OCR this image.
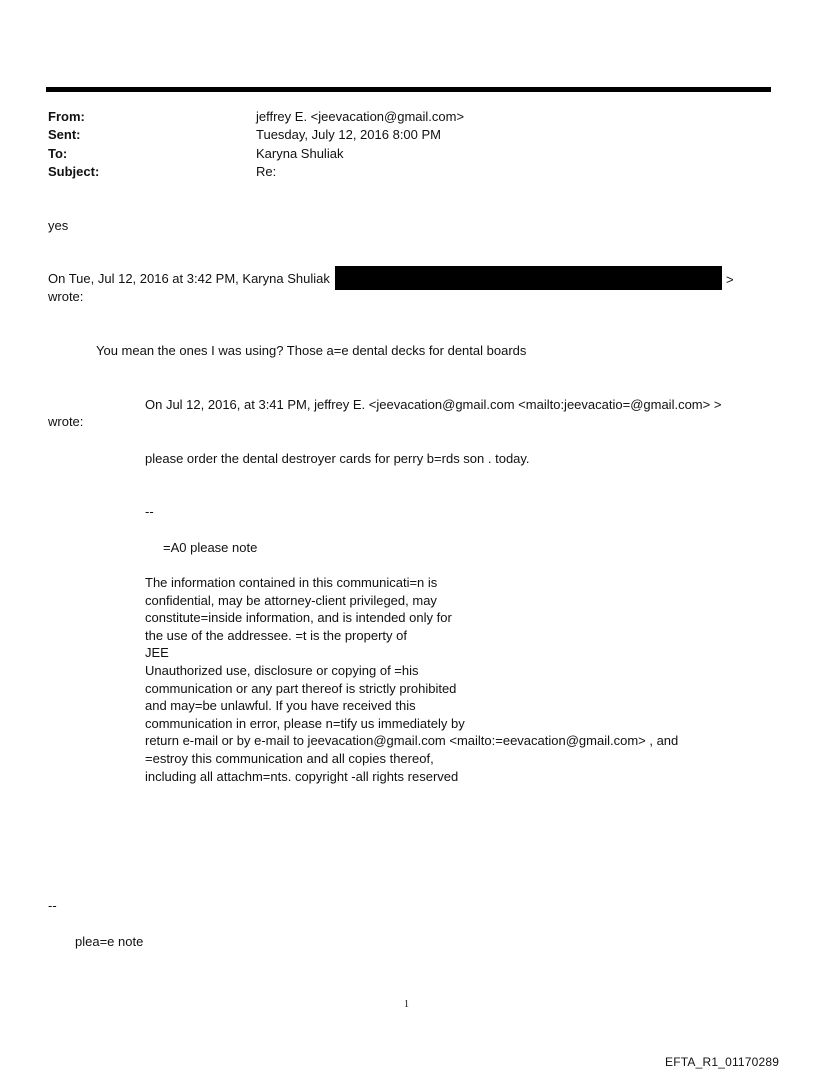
From:	jeffrey E. <jeevacation@gmail.com>
Sent:	Tuesday, July 12, 2016 8:00 PM
To:	Karyna Shuliak
Subject:	Re:
yes
On Tue, Jul 12, 2016 at 3:42 PM, Karyna Shuliak	>
wrote:
You mean the ones I was using? Those a=e dental decks for dental boards
On Jul 12, 2016, at 3:41 PM, jeffrey E. <jeevacation@gmail.com <mailto:jeevacatio=@gmail.com> >
wrote:
please order the dental destroyer cards for perry b=rds son . today.
--
=A0 please note
The information contained in this communicati=n is
confidential, may be attorney-client privileged, may
constitute=inside information, and is intended only for
the use of the addressee. =t is the property of
JEE
Unauthorized use, disclosure or copying of =his
communication or any part thereof is strictly prohibited
and may=be unlawful. If you have received this
communication in error, please n=tify us immediately by
return e-mail or by e-mail to jeevacation@gmail.com <mailto:=eevacation@gmail.com> , and
=estroy this communication and all copies thereof,
including all attachm=nts. copyright -all rights reserved
--
plea=e note
1
EFTA_R1_01170289
